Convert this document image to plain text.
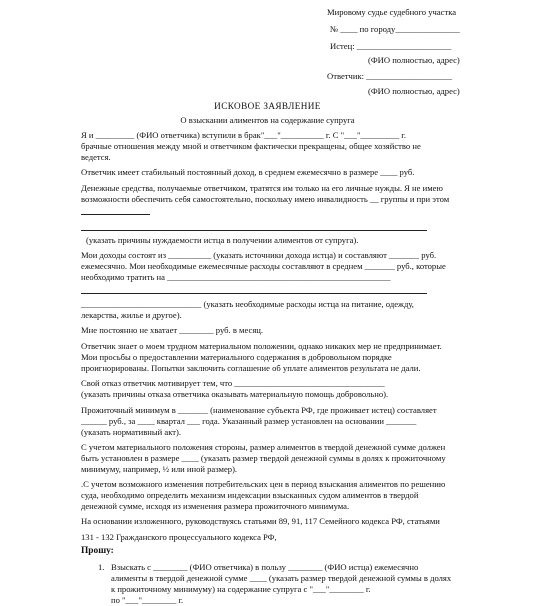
Мировому судье судебного участка
№ ____ по городу_______________
Истец: ______________________
(ФИО полностью, адрес)
Ответчик: ____________________
(ФИО полностью, адрес)
ИСКОВОЕ ЗАЯВЛЕНИЕ
О взыскании алиментов на содержание супруга
Я и _________ (ФИО ответчика) вступили в брак"___"__________ г. С "___"_________ г.
брачные отношения между мной и ответчиком фактически прекращены, общее хозяйство не
ведется.
Ответчик имеет стабильный постоянный доход, в среднем ежемесячно в размере ____ руб.
Денежные средства, получаемые ответчиком, тратятся им только на его личные нужды. Я не имею
возможности обеспечить себя самостоятельно, поскольку имею инвалидность __ группы и при этом
(указать причины нуждаемости истца в получении алиментов от супруга).
Мои доходы состоят из __________ (указать источники дохода истца) и составляют _______ руб.
ежемесячно. Мои необходимые ежемесячные расходы составляют в среднем _______ руб., которые
необходимо тратить на ____________________________________________________
____________________________ (указать необходимые расходы истца на питание, одежду,
лекарства, жилье и другое).
Мне постоянно не хватает ________ руб. в месяц.
Ответчик знает о моем трудном материальном положении, однако никаких мер не предпринимает.
Мои просьбы о предоставлении материального содержания в добровольном порядке
проигнорированы. Попытки заключить соглашение об уплате алиментов результата не дали.
Свой отказ ответчик мотивирует тем, что ___________________________________
(указать причины отказа ответчика оказывать материальную помощь добровольно).
Прожиточный минимум в _______ (наименование субъекта РФ, где проживает истец) составляет
______ руб., за ____ квартал ___ года. Указанный размер установлен на основании _______
(указать нормативный акт).
С учетом материального положения стороны, размер алиментов в твердой денежной сумме должен
быть установлен в размере ____ (указать размер твердой денежной суммы в долях к прожиточному
минимуму, например, ½ или иной размер).
.С учетом возможного изменения потребительских цен в период взыскания алиментов по решению
суда, необходимо определить механизм индексации взысканных судом алиментов в твердой
денежной сумме, исходя из изменения размера прожиточного минимума.
На основании изложенного, руководствуясь статьями 89, 91, 117 Семейного кодекса РФ, статьями
131 - 132 Гражданского процессуального кодекса РФ,
Прошу:
1. Взыскать с ________ (ФИО ответчика) в пользу ________ (ФИО истца) ежемесячно
алименты в твердой денежной сумме ____ (указать размер твердой денежной суммы в долях
к прожиточному минимуму) на содержание супруга с "___"________ г.
по "___"________ г.
